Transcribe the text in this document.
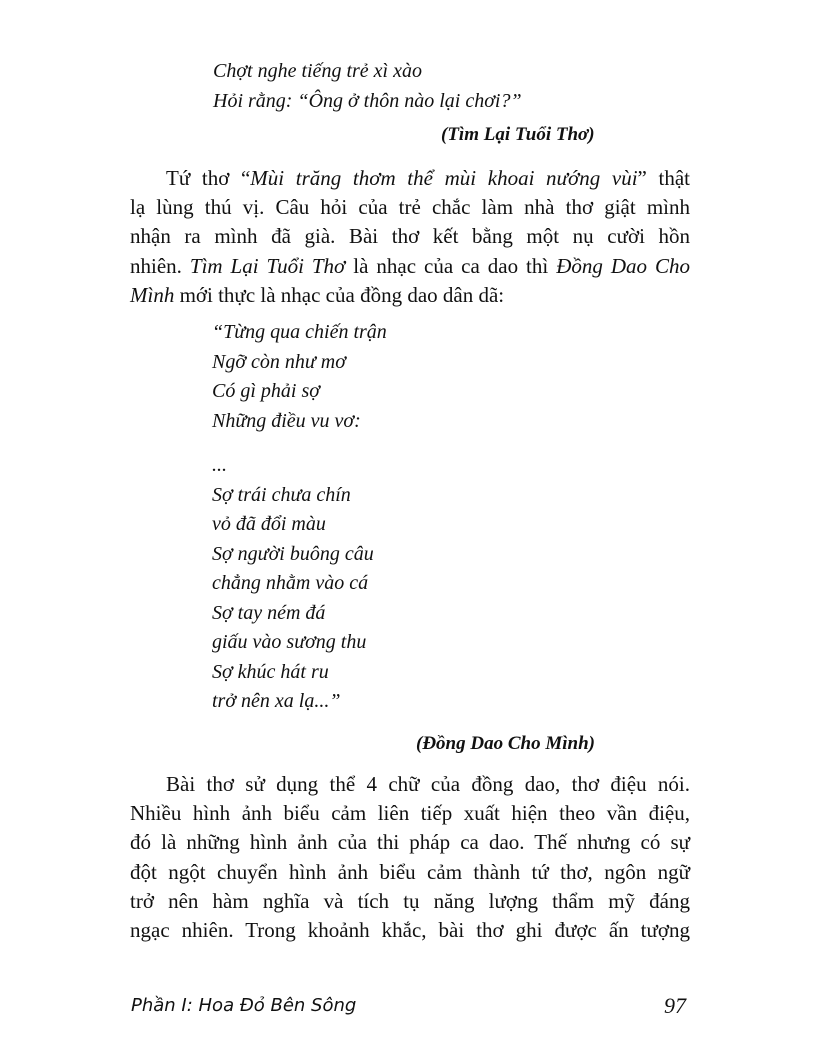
Chợt nghe tiếng trẻ xì xào
Hỏi rằng: “Ông ở thôn nào lại chơi?”
(Tìm Lại Tuổi Thơ)

Tứ thơ “Mùi trăng thơm thể mùi khoai nướng vùi” thật
lạ lùng thú vị. Câu hỏi của trẻ chắc làm nhà thơ giật mình
nhận ra mình đã già. Bài thơ kết bằng một nụ cười hồn
nhiên. Tìm Lại Tuổi Thơ là nhạc của ca dao thì Đồng Dao Cho
Mình mới thực là nhạc của đồng dao dân dã:

“Từng qua chiến trận
Ngỡ còn như mơ
Có gì phải sợ
Những điều vu vơ:
...
Sợ trái chưa chín
vỏ đã đổi màu
Sợ người buông câu
chẳng nhằm vào cá
Sợ tay ném đá
giấu vào sương thu
Sợ khúc hát ru
trở nên xa lạ...”
(Đồng Dao Cho Mình)

Bài thơ sử dụng thể 4 chữ của đồng dao, thơ điệu nói.
Nhiều hình ảnh biểu cảm liên tiếp xuất hiện theo vần điệu,
đó là những hình ảnh của thi pháp ca dao. Thế nhưng có sự
đột ngột chuyển hình ảnh biểu cảm thành tứ thơ, ngôn ngữ
trở nên hàm nghĩa và tích tụ năng lượng thẩm mỹ đáng
ngạc nhiên. Trong khoảnh khắc, bài thơ ghi được ấn tượng

Phần I: Hoa Đỏ Bên Sông	97
